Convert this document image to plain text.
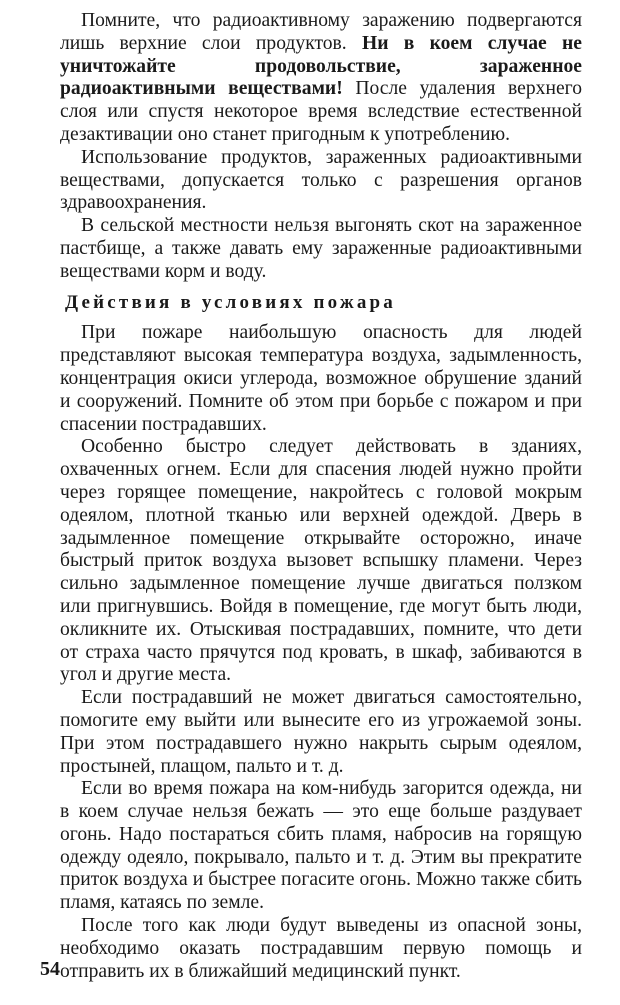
Помните, что радиоактивному заражению подвергаются лишь верхние слои продуктов. Ни в коем случае не уничтожайте продовольствие, зараженное радиоактивными веществами! После удаления верхнего слоя или спустя некоторое время вследствие естественной дезактивации оно станет пригодным к употреблению.

Использование продуктов, зараженных радиоактивными веществами, допускается только с разрешения органов здравоохранения.

В сельской местности нельзя выгонять скот на зараженное пастбище, а также давать ему зараженные радиоактивными веществами корм и воду.

Действия в условиях пожара

При пожаре наибольшую опасность для людей представляют высокая температура воздуха, задымленность, концентрация окиси углерода, возможное обрушение зданий и сооружений. Помните об этом при борьбе с пожаром и при спасении пострадавших.

Особенно быстро следует действовать в зданиях, охваченных огнем. Если для спасения людей нужно пройти через горящее помещение, накройтесь с головой мокрым одеялом, плотной тканью или верхней одеждой. Дверь в задымленное помещение открывайте осторожно, иначе быстрый приток воздуха вызовет вспышку пламени. Через сильно задымленное помещение лучше двигаться ползком или пригнувшись. Войдя в помещение, где могут быть люди, окликните их. Отыскивая пострадавших, помните, что дети от страха часто прячутся под кровать, в шкаф, забиваются в угол и другие места.

Если пострадавший не может двигаться самостоятельно, помогите ему выйти или вынесите его из угрожаемой зоны. При этом пострадавшего нужно накрыть сырым одеялом, простыней, плащом, пальто и т. д.

Если во время пожара на ком-нибудь загорится одежда, ни в коем случае нельзя бежать — это еще больше раздувает огонь. Надо постараться сбить пламя, набросив на горящую одежду одеяло, покрывало, пальто и т. д. Этим вы прекратите приток воздуха и быстрее погасите огонь. Можно также сбить пламя, катаясь по земле.

После того как люди будут выведены из опасной зоны, необходимо оказать пострадавшим первую помощь и отправить их в ближайший медицинский пункт.

54
